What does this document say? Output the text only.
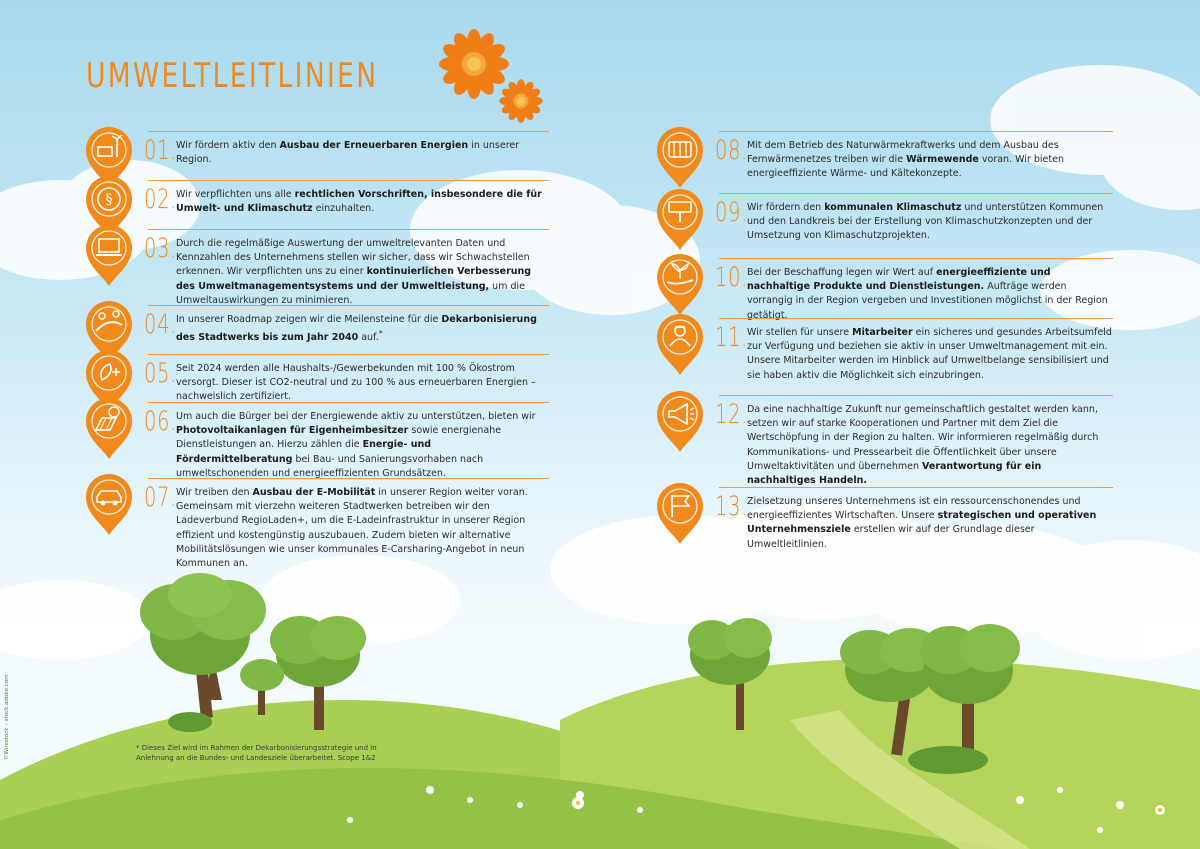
UMWELTLEITLINIEN
01.

Wir fördern aktiv den Ausbau der Erneuerbaren Energien in unserer Region.

§ 02.

Wir verpflichten uns alle rechtlichen Vorschriften, insbesondere die für Umwelt- und Klimaschutz einzuhalten.

03.

Durch die regelmäßige Auswertung der umweltrelevanten Daten und Kennzahlen des Unternehmens stellen wir sicher, dass wir Schwachstellen erkennen. Wir verpflichten uns zu einer kontinuierlichen Verbesserung des Umweltmanagementsystems und der Umweltleistung, um die Umweltauswirkungen zu minimieren.

04.

In unserer Roadmap zeigen wir die Meilensteine für die Dekarbonisierung des Stadtwerks bis zum Jahr 2040 auf.*

05.

Seit 2024 werden alle Haushalts-/Gewerbekunden mit 100 % Ökostrom versorgt. Dieser ist CO2-neutral und zu 100 % aus erneuerbaren Energien – nachweislich zertifiziert.

06.

Um auch die Bürger bei der Energiewende aktiv zu unterstützen, bieten wir Photovoltaikanlagen für Eigenheimbesitzer sowie energienahe Dienstleistungen an. Hierzu zählen die Energie- und Fördermittelberatung bei Bau- und Sanierungsvorhaben nach umweltschonenden und energieeffizienten Grundsätzen.

07.

Wir treiben den Ausbau der E-Mobilität in unserer Region weiter voran. Gemeinsam mit vierzehn weiteren Stadtwerken betreiben wir den Ladeverbund RegioLaden+, um die E-Ladeinfrastruktur in unserer Region effizient und kostengünstig auszubauen. Zudem bieten wir alternative Mobilitätslösungen wie unser kommunales E-Carsharing-Angebot in neun Kommunen an.

08.

Mit dem Betrieb des Naturwärmekraftwerks und dem Ausbau des Fernwärmenetzes treiben wir die Wärmewende voran. Wir bieten energieeffiziente Wärme- und Kältekonzepte.

09.

Wir fördern den kommunalen Klimaschutz und unterstützen Kommunen und den Landkreis bei der Erstellung von Klimaschutzkonzepten und der Umsetzung von Klimaschutzprojekten.

10.

Bei der Beschaffung legen wir Wert auf energieeffiziente und nachhaltige Produkte und Dienstleistungen. Aufträge werden vorrangig in der Region vergeben und Investitionen möglichst in der Region getätigt.

11.

Wir stellen für unsere Mitarbeiter ein sicheres und gesundes Arbeitsumfeld zur Verfügung und beziehen sie aktiv in unser Umweltmanagement mit ein. Unsere Mitarbeiter werden im Hinblick auf Umweltbelange sensibilisiert und sie haben aktiv die Möglichkeit sich einzubringen.

12.

Da eine nachhaltige Zukunft nur gemeinschaftlich gestaltet werden kann, setzen wir auf starke Kooperationen und Partner mit dem Ziel die Wertschöpfung in der Region zu halten. Wir informieren regelmäßig durch Kommunikations- und Pressearbeit die Öffentlichkeit über unsere Umweltaktivitäten und übernehmen Verantwortung für ein nachhaltiges Handeln.

13.

Zielsetzung unseres Unternehmens ist ein ressourcenschonendes und energieeffizientes Wirtschaften. Unsere strategischen und operativen Unternehmensziele erstellen wir auf der Grundlage dieser Umweltleitlinien.

* Dieses Ziel wird im Rahmen der Dekarbonisierungsstrategie und in Anlehnung an die Bundes- und Landesziele überarbeitet. Scope 1&2

©Wirestock – stock.adobe.com
